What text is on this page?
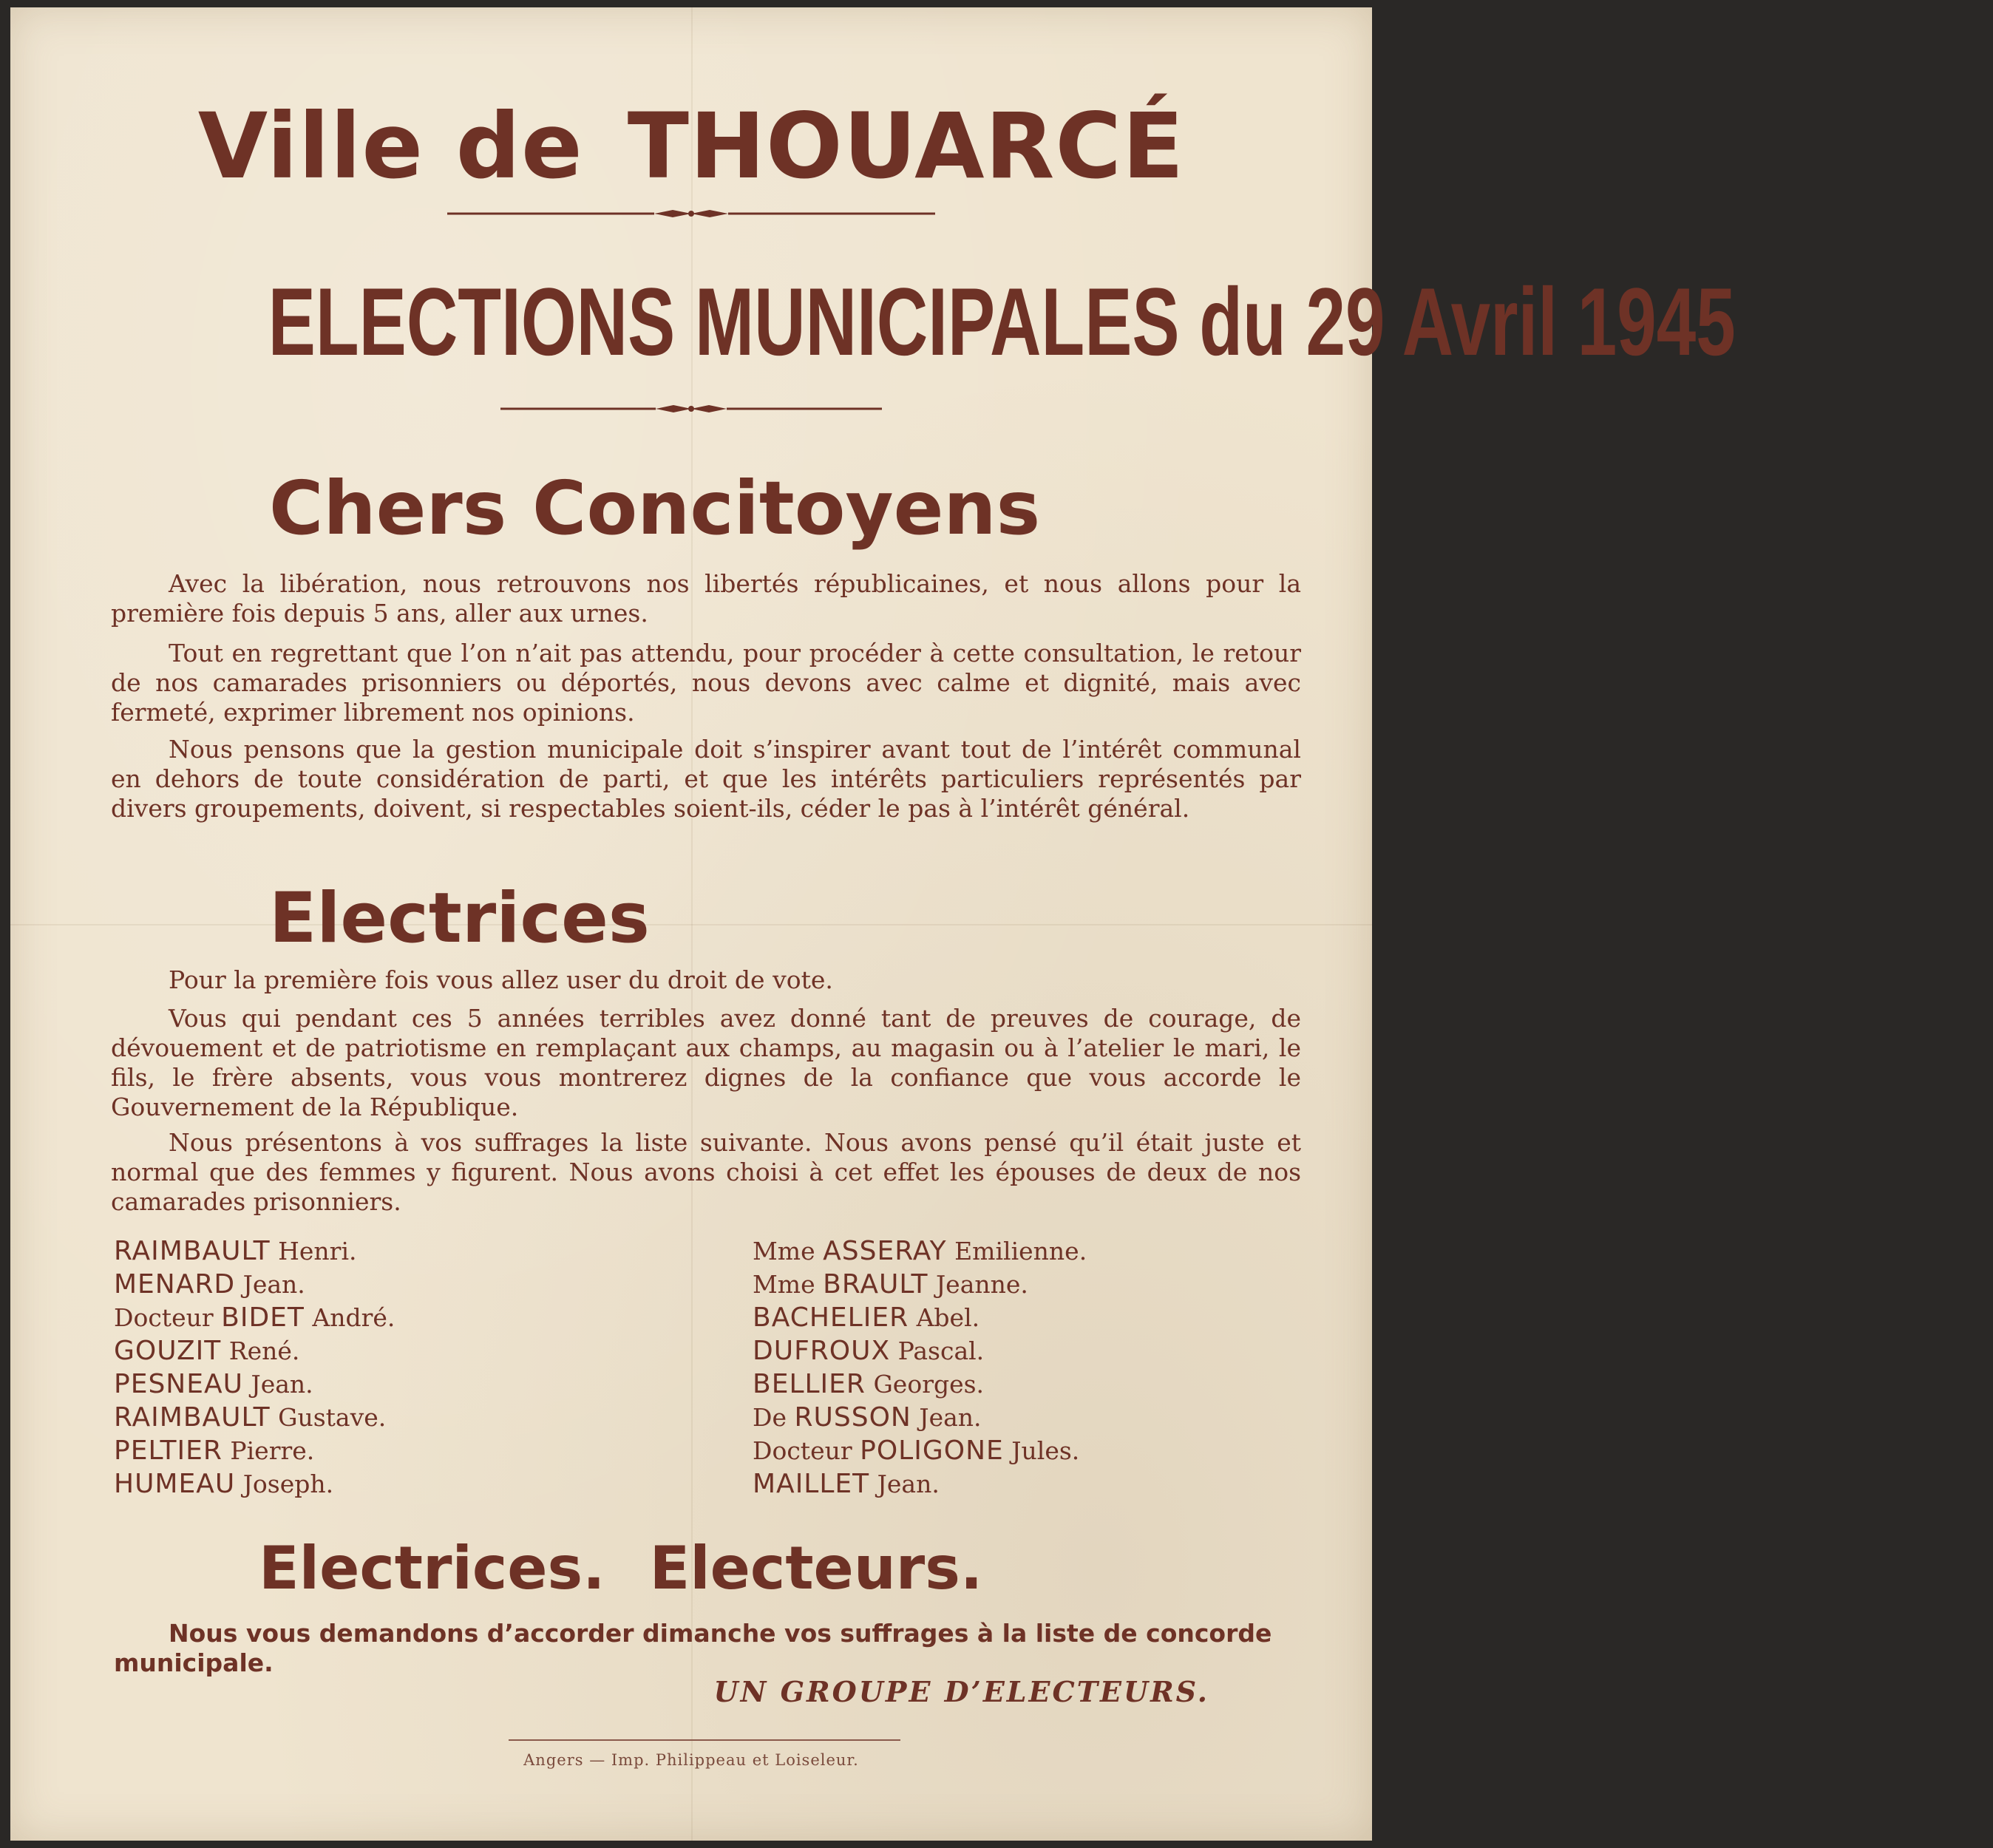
Ville de THOUARCÉ
ELECTIONS MUNICIPALES du 29 Avril 1945
Chers Concitoyens

Avec la libération, nous retrouvons nos libertés républicaines, et nous allons pour la première fois depuis 5 ans, aller aux urnes.

Tout en regrettant que l’on n’ait pas attendu, pour procéder à cette consultation, le retour de nos camarades prisonniers ou déportés, nous devons avec calme et dignité, mais avec fermeté, exprimer librement nos opinions.

Nous pensons que la gestion municipale doit s’inspirer avant tout de l’intérêt communal en dehors de toute considération de parti, et que les intérêts particuliers représentés par divers groupements, doivent, si respectables soient-ils, céder le pas à l’intérêt général.

Electrices

Pour la première fois vous allez user du droit de vote.

Vous qui pendant ces 5 années terribles avez donné tant de preuves de courage, de dévouement et de patriotisme en remplaçant aux champs, au magasin ou à l’atelier le mari, le fils, le frère absents, vous vous montrerez dignes de la confiance que vous accorde le Gouvernement de la République.

Nous présentons à vos suffrages la liste suivante. Nous avons pensé qu’il était juste et normal que des femmes y figurent. Nous avons choisi à cet effet les épouses de deux de nos camarades prisonniers.

RAIMBAULT Henri.
MENARD Jean.
Docteur BIDET André.
GOUZIT René.
PESNEAU Jean.
RAIMBAULT Gustave.
PELTIER Pierre.
HUMEAU Joseph.
Mme ASSERAY Emilienne.
Mme BRAULT Jeanne.
BACHELIER Abel.
DUFROUX Pascal.
BELLIER Georges.
De RUSSON Jean.
Docteur POLIGONE Jules.
MAILLET Jean.
Electrices. Electeurs.

Nous vous demandons d’accorder dimanche vos suffrages à la liste de concorde municipale.

UN GROUPE D’ELECTEURS.
Angers — Imp. Philippeau et Loiseleur.
